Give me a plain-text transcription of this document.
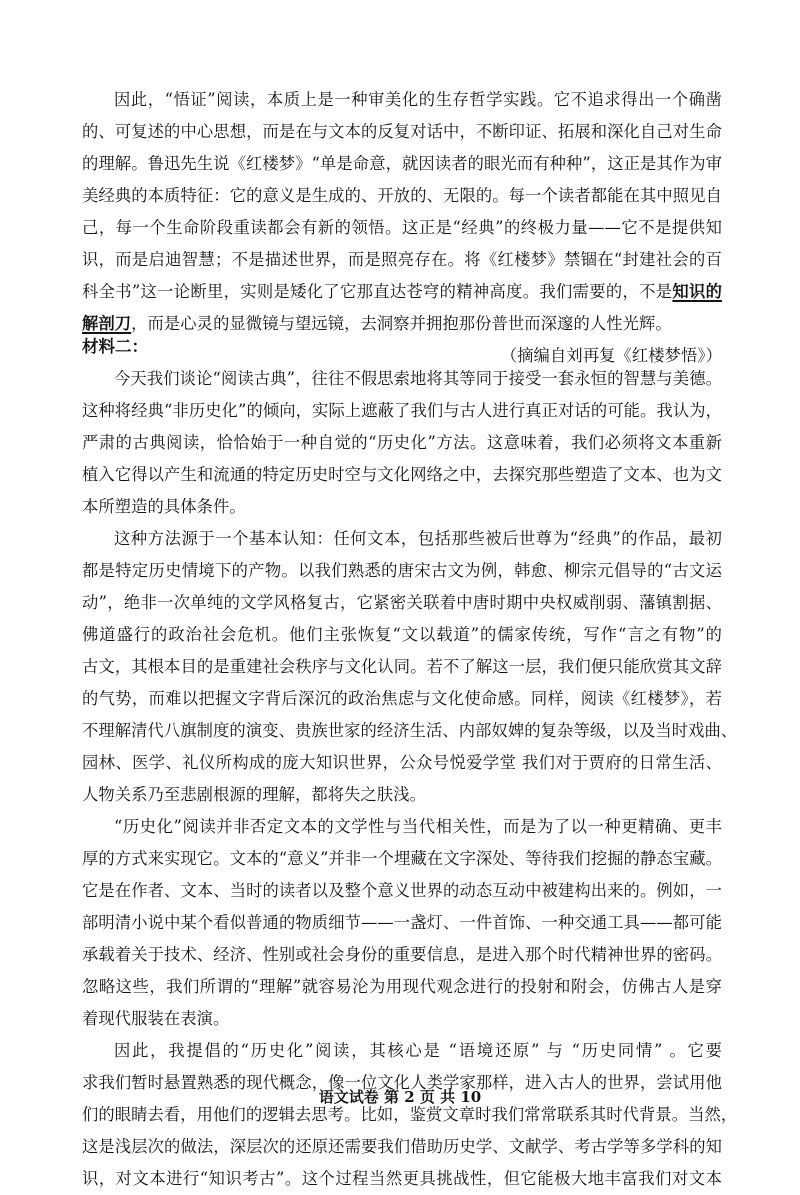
因此，“悟证”阅读，本质上是一种审美化的生存哲学实践。它不追求得出一个确凿
的、可复述的中心思想，而是在与文本的反复对话中，不断印证、拓展和深化自己对生命
的理解。鲁迅先生说《红楼梦》“单是命意，就因读者的眼光而有种种”，这正是其作为审
美经典的本质特征：它的意义是生成的、开放的、无限的。每一个读者都能在其中照见自
己，每一个生命阶段重读都会有新的领悟。这正是“经典”的终极力量——它不是提供知
识，而是启迪智慧；不是描述世界，而是照亮存在。将《红楼梦》禁锢在“封建社会的百
科全书”这一论断里，实则是矮化了它那直达苍穹的精神高度。我们需要的，不是知识的
解剖刀，而是心灵的显微镜与望远镜，去洞察并拥抱那份普世而深邃的人性光辉。
（摘编自刘再复《红楼梦悟》）
材料二：
今天我们谈论“阅读古典”，往往不假思索地将其等同于接受一套永恒的智慧与美德。
这种将经典“非历史化”的倾向，实际上遮蔽了我们与古人进行真正对话的可能。我认为，
严肃的古典阅读，恰恰始于一种自觉的“历史化”方法。这意味着，我们必须将文本重新
植入它得以产生和流通的特定历史时空与文化网络之中，去探究那些塑造了文本、也为文
本所塑造的具体条件。
这种方法源于一个基本认知：任何文本，包括那些被后世尊为“经典”的作品，最初
都是特定历史情境下的产物。以我们熟悉的唐宋古文为例，韩愈、柳宗元倡导的“古文运
动”，绝非一次单纯的文学风格复古，它紧密关联着中唐时期中央权威削弱、藩镇割据、
佛道盛行的政治社会危机。他们主张恢复“文以载道”的儒家传统，写作“言之有物”的
古文，其根本目的是重建社会秩序与文化认同。若不了解这一层，我们便只能欣赏其文辞
的气势，而难以把握文字背后深沉的政治焦虑与文化使命感。同样，阅读《红楼梦》，若
不理解清代八旗制度的演变、贵族世家的经济生活、内部奴婢的复杂等级，以及当时戏曲、
园林、医学、礼仪所构成的庞大知识世界，公众号悦爱学堂 我们对于贾府的日常生活、
人物关系乃至悲剧根源的理解，都将失之肤浅。
“历史化”阅读并非否定文本的文学性与当代相关性，而是为了以一种更精确、更丰
厚的方式来实现它。文本的“意义”并非一个埋藏在文字深处、等待我们挖掘的静态宝藏。
它是在作者、文本、当时的读者以及整个意义世界的动态互动中被建构出来的。例如，一
部明清小说中某个看似普通的物质细节——一盏灯、一件首饰、一种交通工具——都可能
承载着关于技术、经济、性别或社会身份的重要信息，是进入那个时代精神世界的密码。
忽略这些，我们所谓的“理解”就容易沦为用现代观念进行的投射和附会，仿佛古人是穿
着现代服装在表演。
因此，我提倡的“历史化”阅读，其核心是 “语境还原” 与 “历史同情” 。它要
求我们暂时悬置熟悉的现代概念，像一位文化人类学家那样，进入古人的世界，尝试用他
们的眼睛去看，用他们的逻辑去思考。比如，鉴赏文章时我们常常联系其时代背景。当然，
这是浅层次的做法，深层次的还原还需要我们借助历史学、文献学、考古学等多学科的知
识，对文本进行“知识考古”。这个过程当然更具挑战性，但它能极大地丰富我们对文本
语文试卷 第 2 页 共 10
